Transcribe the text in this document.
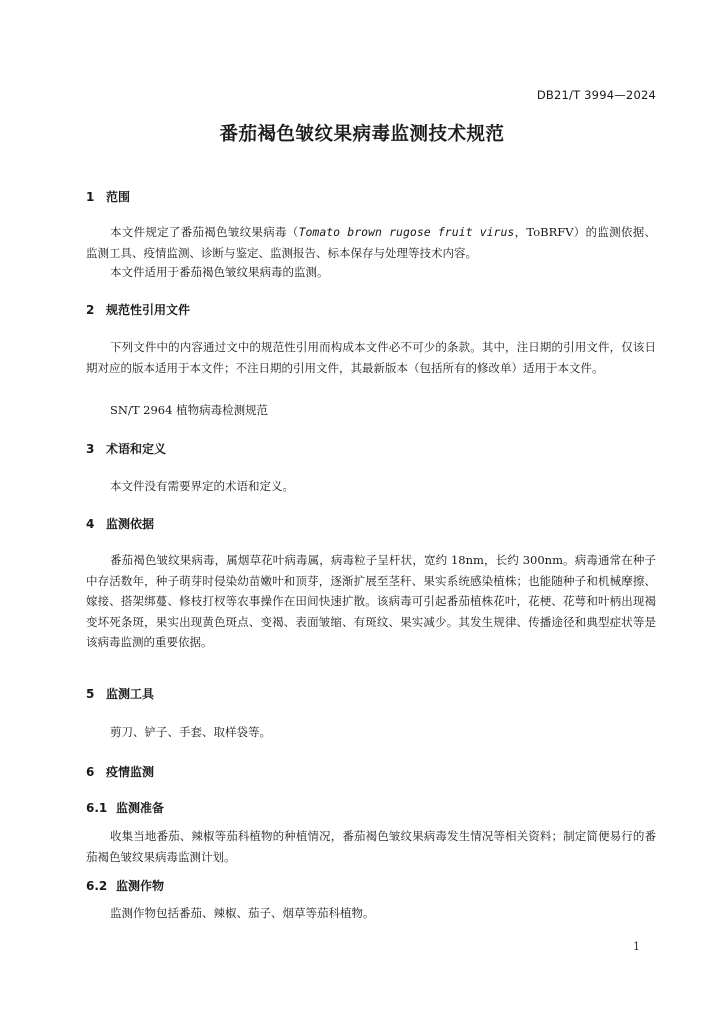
DB21/T 3994—2024
番茄褐色皱纹果病毒监测技术规范
1 范围

本文件规定了番茄褐色皱纹果病毒（Tomato brown rugose fruit virus，ToBRFV）的监测依据、监测工具、疫情监测、诊断与鉴定、监测报告、标本保存与处理等技术内容。

本文件适用于番茄褐色皱纹果病毒的监测。

2 规范性引用文件

下列文件中的内容通过文中的规范性引用而构成本文件必不可少的条款。其中，注日期的引用文件，仅该日期对应的版本适用于本文件；不注日期的引用文件，其最新版本（包括所有的修改单）适用于本文件。

SN/T 2964 植物病毒检测规范

3 术语和定义

本文件没有需要界定的术语和定义。

4 监测依据

番茄褐色皱纹果病毒，属烟草花叶病毒属，病毒粒子呈杆状，宽约 18nm，长约 300nm。病毒通常在种子中存活数年，种子萌芽时侵染幼苗嫩叶和顶芽，逐渐扩展至茎秆、果实系统感染植株；也能随种子和机械摩擦、嫁接、搭架绑蔓、修枝打杈等农事操作在田间快速扩散。该病毒可引起番茄植株花叶，花梗、花萼和叶柄出现褐变坏死条斑，果实出现黄色斑点、变褐、表面皱缩、有斑纹、果实减少。其发生规律、传播途径和典型症状等是该病毒监测的重要依据。

5 监测工具

剪刀、铲子、手套、取样袋等。

6 疫情监测
6.1 监测准备

收集当地番茄、辣椒等茄科植物的种植情况，番茄褐色皱纹果病毒发生情况等相关资料；制定简便易行的番茄褐色皱纹果病毒监测计划。

6.2 监测作物

监测作物包括番茄、辣椒、茄子、烟草等茄科植物。

1
